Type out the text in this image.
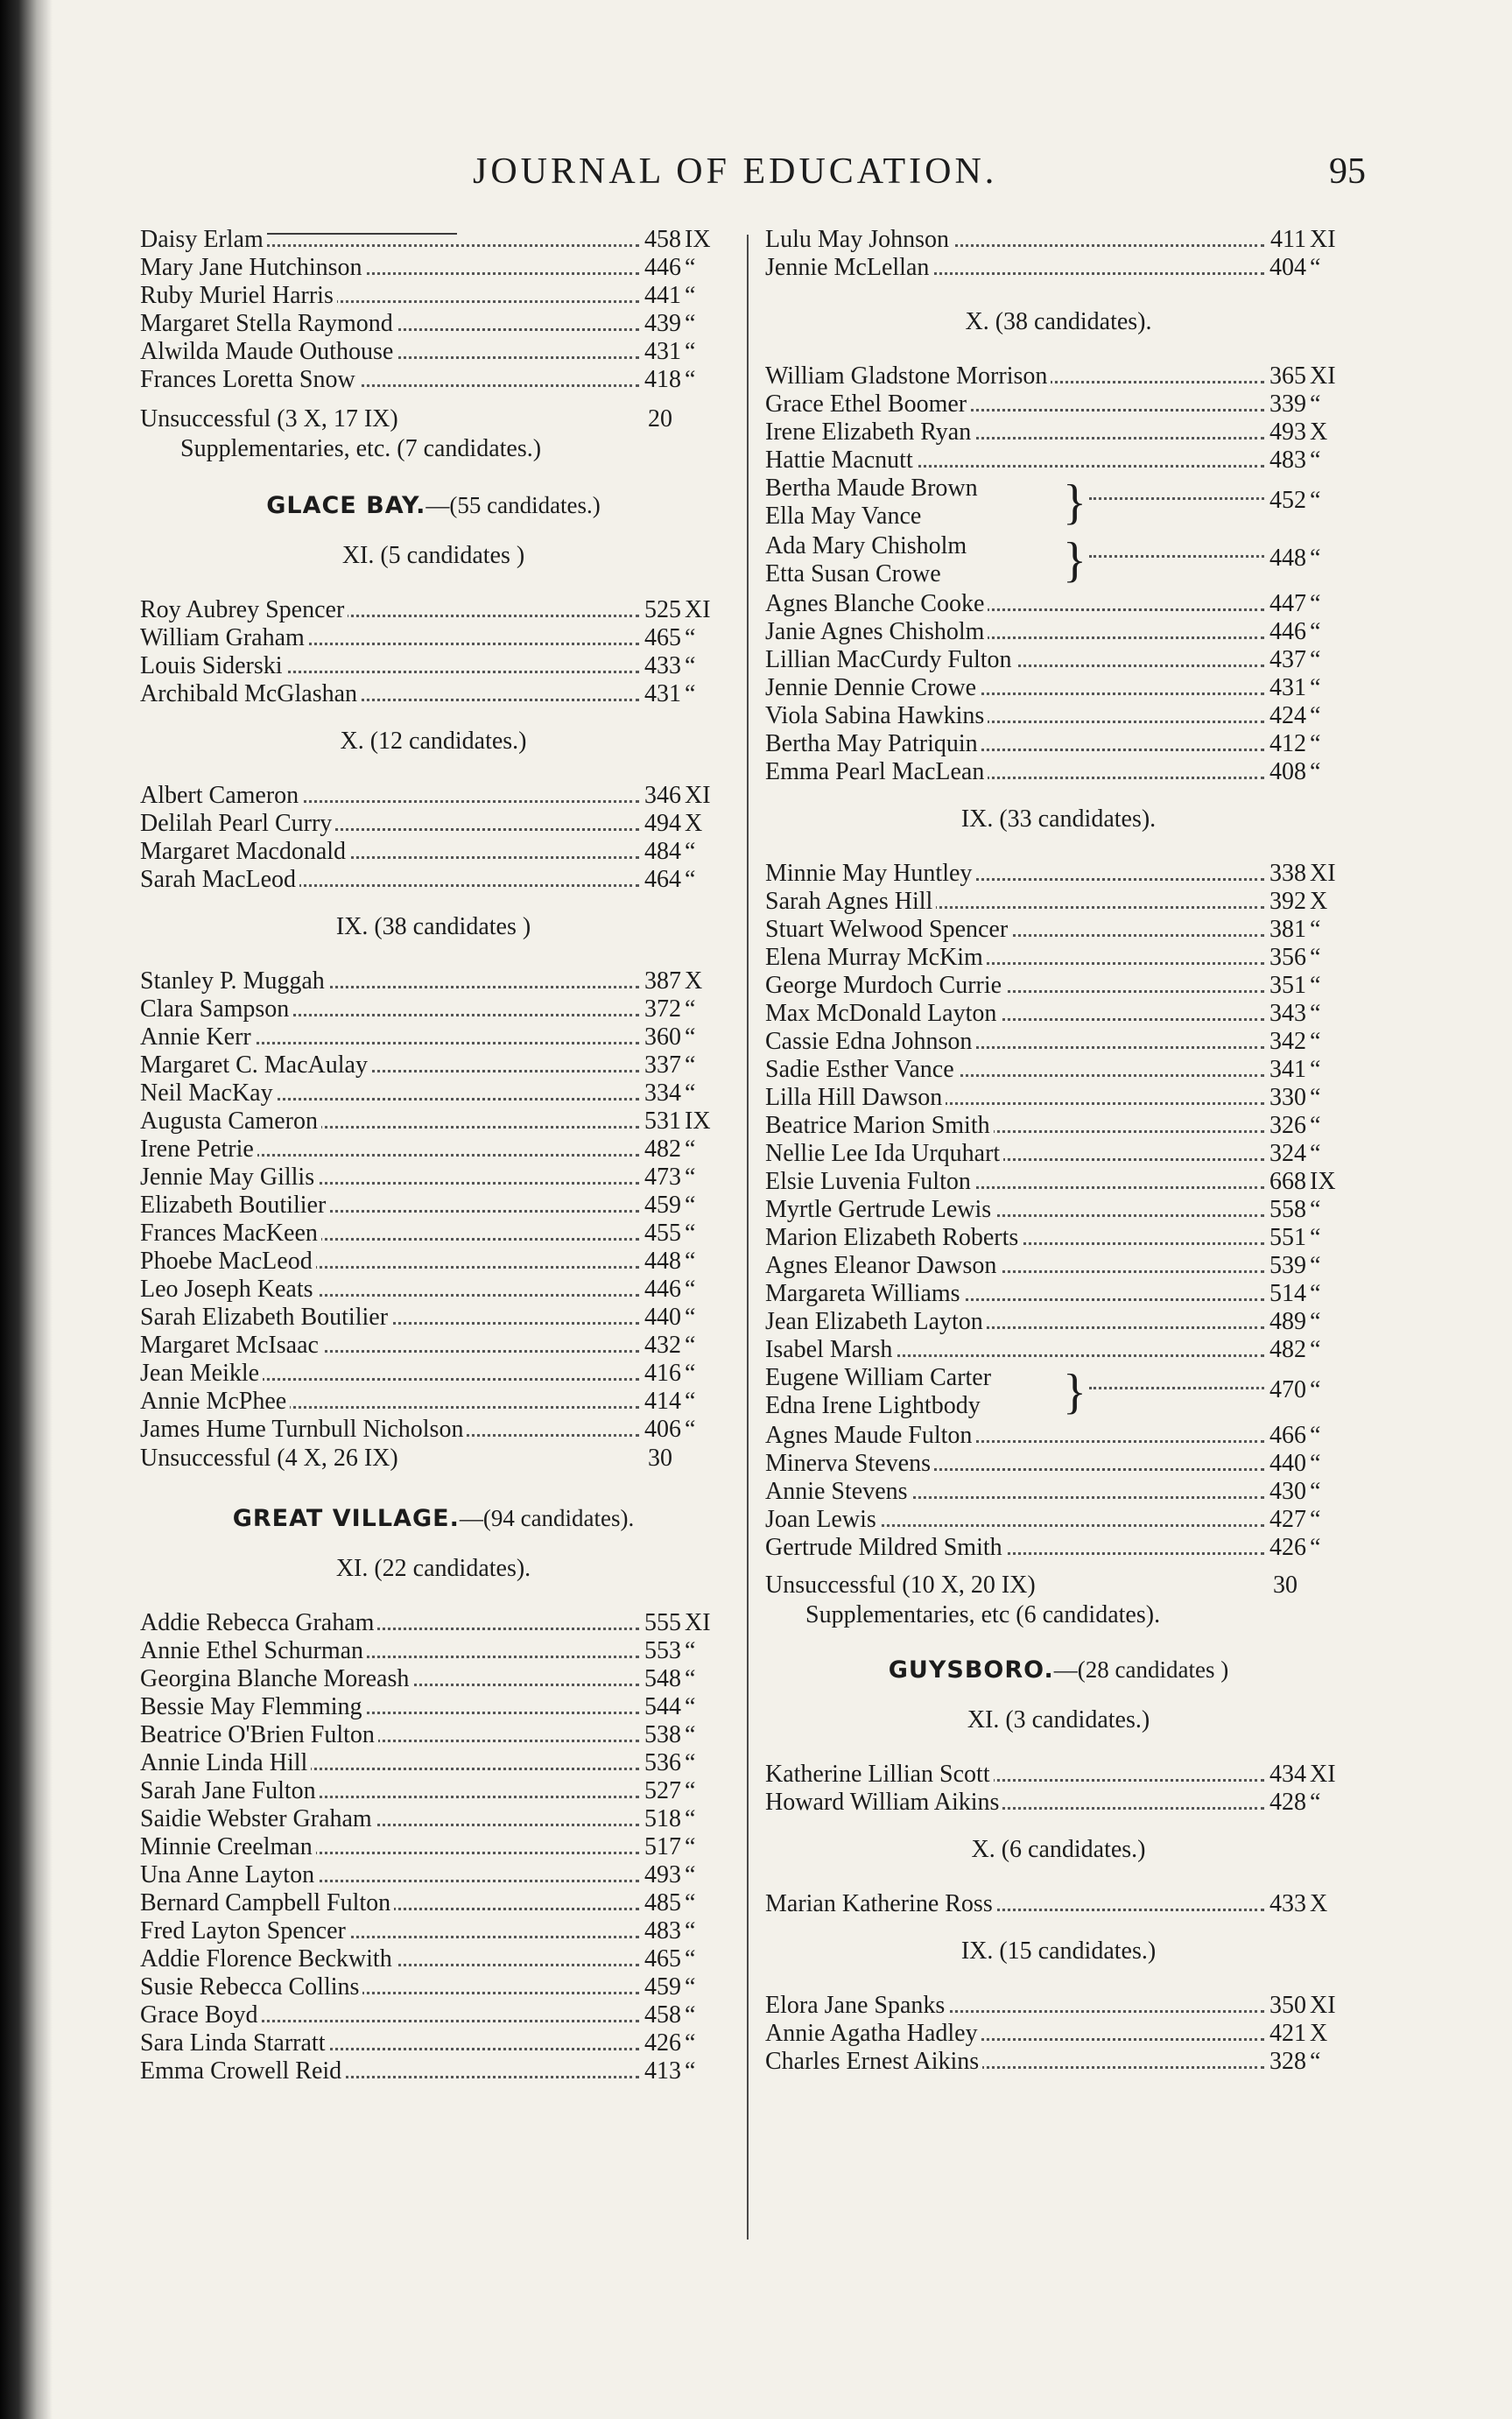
JOURNAL OF EDUCATION.	95
Daisy Erlam	458 IX
Mary Jane Hutchinson	446 “
Ruby Muriel Harris	441 “
Margaret Stella Raymond	439 “
Alwilda Maude Outhouse	431 “
Frances Loretta Snow	418 “
Unsuccessful (3 X, 17 IX)	20
Supplementaries, etc. (7 candidates.)
GLACE BAY.—(55 candidates.)
XI. (5 candidates )
Roy Aubrey Spencer	525 XI
William Graham	465 “
Louis Siderski	433 “
Archibald McGlashan	431 “
X. (12 candidates.)
Albert Cameron	346 XI
Delilah Pearl Curry	494 X
Margaret Macdonald	484 “
Sarah MacLeod	464 “
IX. (38 candidates )
Stanley P. Muggah	387 X
Clara Sampson	372 “
Annie Kerr	360 “
Margaret C. MacAulay	337 “
Neil MacKay	334 “
Augusta Cameron	531 IX
Irene Petrie	482 “
Jennie May Gillis	473 “
Elizabeth Boutilier	459 “
Frances MacKeen	455 “
Phoebe MacLeod	448 “
Leo Joseph Keats	446 “
Sarah Elizabeth Boutilier	440 “
Margaret McIsaac	432 “
Jean Meikle	416 “
Annie McPhee	414 “
James Hume Turnbull Nicholson	406 “
Unsuccessful (4 X, 26 IX)	30
GREAT VILLAGE.—(94 candidates).
XI. (22 candidates).
Addie Rebecca Graham	555 XI
Annie Ethel Schurman	553 “
Georgina Blanche Moreash	548 “
Bessie May Flemming	544 “
Beatrice O'Brien Fulton	538 “
Annie Linda Hill	536 “
Sarah Jane Fulton	527 “
Saidie Webster Graham	518 “
Minnie Creelman	517 “
Una Anne Layton	493 “
Bernard Campbell Fulton	485 “
Fred Layton Spencer	483 “
Addie Florence Beckwith	465 “
Susie Rebecca Collins	459 “
Grace Boyd	458 “
Sara Linda Starratt	426 “
Emma Crowell Reid	413 “
Lulu May Johnson	411 XI
Jennie McLellan	404 “
X. (38 candidates).
William Gladstone Morrison	365 XI
Grace Ethel Boomer	339 “
Irene Elizabeth Ryan	493 X
Hattie Macnutt	483 “
Bertha Maude Brown
Ella May Vance	}	452 “
Ada Mary Chisholm
Etta Susan Crowe }	448 “
Agnes Blanche Cooke	447 “
Janie Agnes Chisholm	446 “
Lillian MacCurdy Fulton	437 “
Jennie Dennie Crowe	431 “
Viola Sabina Hawkins	424 “
Bertha May Patriquin	412 “
Emma Pearl MacLean	408 “
IX. (33 candidates).
Minnie May Huntley	338 XI
Sarah Agnes Hill	392 X
Stuart Welwood Spencer	381 “
Elena Murray McKim	356 “
George Murdoch Currie	351 “
Max McDonald Layton	343 “
Cassie Edna Johnson	342 “
Sadie Esther Vance	341 “
Lilla Hill Dawson	330 “
Beatrice Marion Smith	326 “
Nellie Lee Ida Urquhart	324 “
Elsie Luvenia Fulton	668 IX
Myrtle Gertrude Lewis	558 “
Marion Elizabeth Roberts	551 “
Agnes Eleanor Dawson	539 “
Margareta Williams	514 “
Jean Elizabeth Layton	489 “
Isabel Marsh	482 “
Eugene William Carter
Edna Irene Lightbody }	470 “
Agnes Maude Fulton	466 “
Minerva Stevens	440 “
Annie Stevens	430 “
Joan Lewis	427 “
Gertrude Mildred Smith	426 “
Unsuccessful (10 X, 20 IX)	30
Supplementaries, etc (6 candidates).
GUYSBORO.—(28 candidates )
XI. (3 candidates.)
Katherine Lillian Scott	434 XI
Howard William Aikins	428 “
X. (6 candidates.)
Marian Katherine Ross	433 X
IX. (15 candidates.)
Elora Jane Spanks	350 XI
Annie Agatha Hadley	421 X
Charles Ernest Aikins	328 “
